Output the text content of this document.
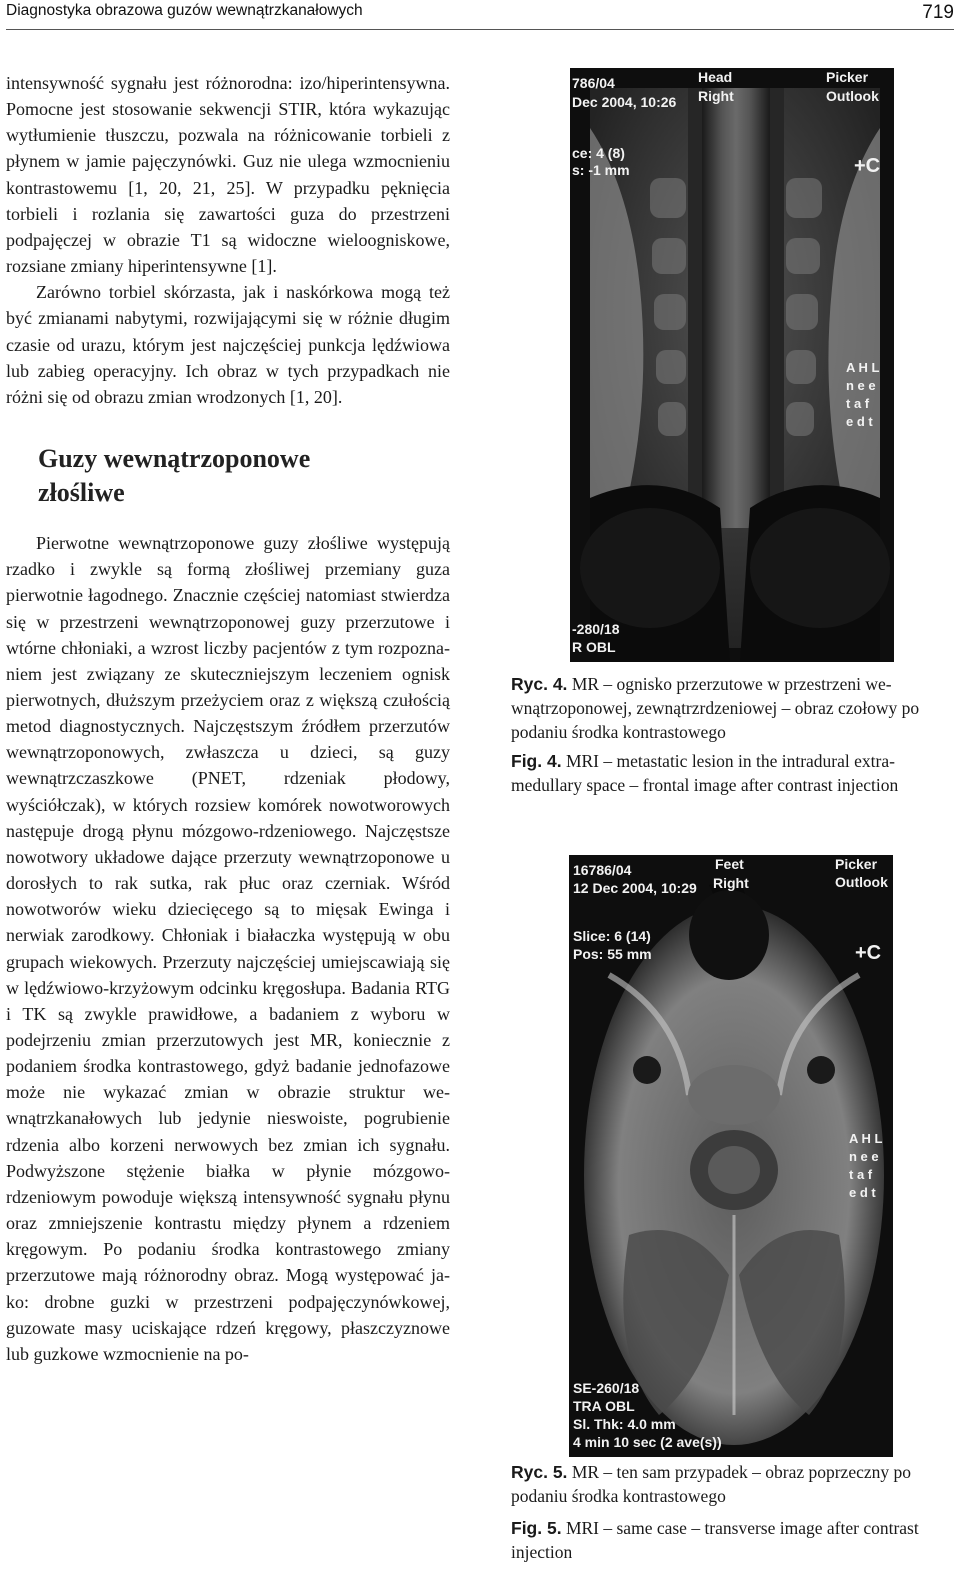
Diagnostyka obrazowa guzów wewnątrzkanałowych	719

intensywność sygnału jest różnorodna: izo/hiperintensywna. Pomocne jest stosowanie sekwencji STIR, która wykazując wytłumienie tłuszczu, pozwala na różnicowanie torbieli z płynem w jamie pajęczynówki. Guz nie ulega wzmocnieniu kontrastowemu [1, 20, 21, 25]. W przypadku pęknięcia torbieli i rozlania się zawartości guza do przestrzeni podpajęczej w obrazie T1 są widoczne wieloogniskowe, rozsiane zmiany hiperintensywne [1].

Zarówno torbiel skórzasta, jak i naskórkowa mogą też być zmianami nabytymi, rozwijającymi się w różnie długim czasie od urazu, którym jest najczęściej punkcja lędźwiowa lub zabieg operacyjny. Ich obraz w tych przypadkach nie różni się od obrazu zmian wrodzonych [1, 20].

Guzy wewnątrzoponowe
złośliwe

Pierwotne wewnątrzoponowe guzy złośliwe występują rzadko i zwykle są formą złośliwej przemiany guza pierwotnie łagodnego. Znacznie częściej natomiast stwierdza się w przestrzeni wewnątrzoponowej guzy przerzutowe i wtórne chłoniaki, a wzrost liczby pacjentów z tym rozpoznaniem jest związany ze skuteczniejszym leczeniem ognisk pierwotnych, dłuższym przeżyciem oraz z większą czułością metod diagnostycznych. Najczęstszym źródłem przerzutów wewnątrzoponowych, zwłaszcza u dzieci, są guzy wewnątrzczaszkowe (PNET, rdzeniak płodowy, wyściółczak), w których rozsiew komórek nowotworowych następuje drogą płynu mózgowo-rdzeniowego. Najczęstsze nowotwory układowe dające przerzuty wewnątrzoponowe u dorosłych to rak sutka, rak płuc oraz czerniak. Wśród nowotworów wieku dziecięcego są to mięsak Ewinga i nerwiak zarodkowy. Chłoniak i białaczka występują w obu grupach wiekowych. Przerzuty najczęściej umiejscawiają się w lędźwiowo-krzyżowym odcinku kręgosłupa. Badania RTG i TK są zwykle prawidłowe, a badaniem z wyboru w podejrzeniu zmian przerzutowych jest MR, koniecznie z podaniem środka kontrastowego, gdyż badanie jednofazowe może nie wykazać zmian w obrazie struktur wewnątrzkanałowych lub jedynie nieswoiste, pogrubienie rdzenia albo korzeni nerwowych bez zmian ich sygnału. Podwyższone stężenie białka w płynie mózgowo-rdzeniowym powoduje większą intensywność sygnału płynu oraz zmniejszenie kontrastu między płynem a rdzeniem kręgowym. Po podaniu środka kontrastowego zmiany przerzutowe mają różnorodny obraz. Mogą występować jako: drobne guzki w przestrzeni podpajęczynówkowej, guzowate masy uciskające rdzeń kręgowy, płaszczyznowe lub guzkowe wzmocnienie na po-

786/04
Dec 2004, 10:26
Head
Right
Picker
Outlook
ce: 4 (8)
s: -1 mm	+C
A H L
n e e
t a f
e d t
-280/18
R OBL

Ryc. 4. MR – ognisko przerzutowe w przestrzeni wewnątrzoponowej, zewnątrzrdzeniowej – obraz czołowy po podaniu środka kontrastowego

Fig. 4. MRI – metastatic lesion in the intradural extramedullary space – frontal image after contrast injection

16786/04
12 Dec 2004, 10:29
Feet
Right
Picker
Outlook
Slice: 6 (14)
Pos: 55 mm	+C
A H L
n e e
t a f
e d t
SE-260/18
TRA OBL
Sl. Thk: 4.0 mm
4 min 10 sec (2 ave(s))

Ryc. 5. MR – ten sam przypadek – obraz poprzeczny po podaniu środka kontrastowego

Fig. 5. MRI – same case – transverse image after contrast injection
